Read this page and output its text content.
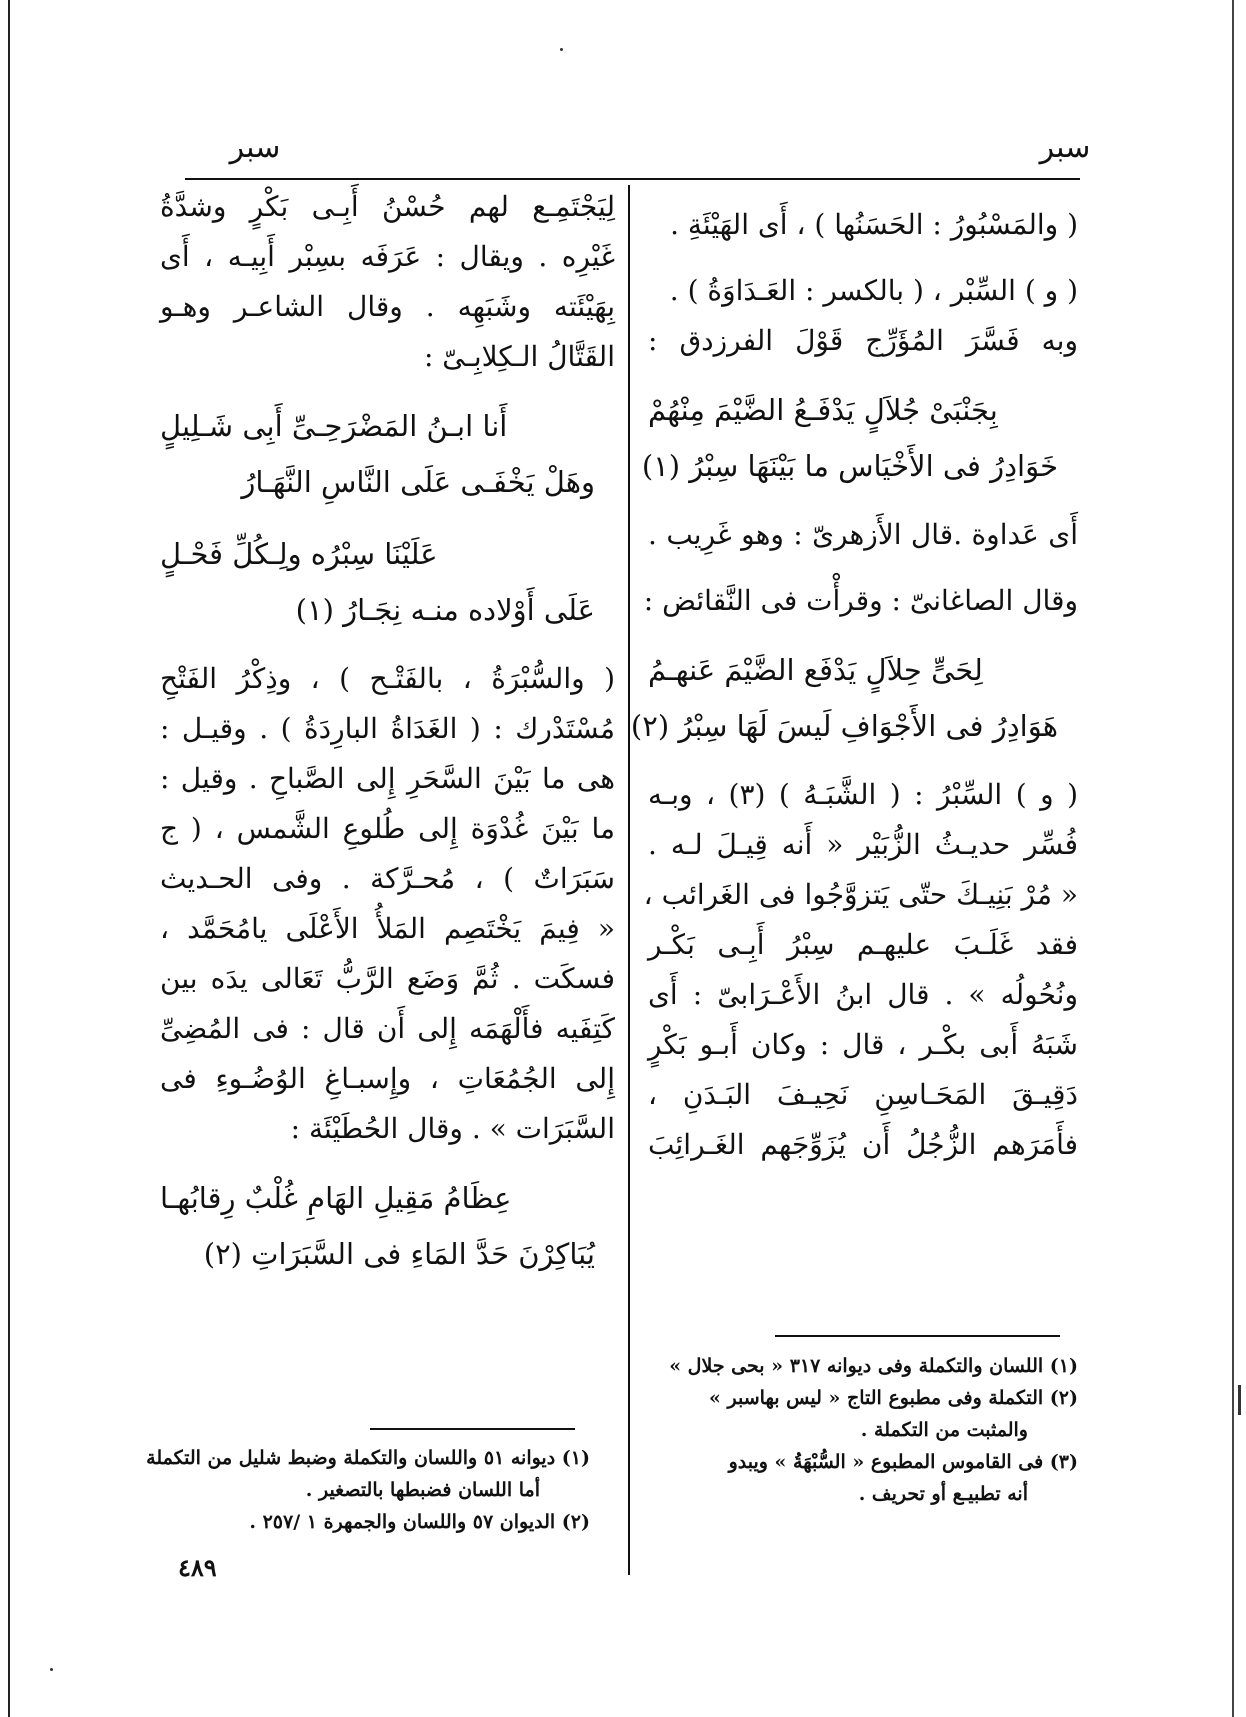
سبر
سبر
( والمَسْبُورُ : الحَسَنُها ) ، أَى الهَيْئَةِ .
( و ) السِّبْر ، ( بالكسر : العَـدَاوَةُ ) .
وبه فَسَّرَ المُؤَرِّج قَوْلَ الفرزدق :
بِجَنْبَىْ جُلاَلٍ يَدْفَـعُ الضَّيْمَ مِنْهُمْ
خَوَادِرُ فى الأَخْيَاس ما بَيْنَهَا سِبْرُ (١)
أَى عَداوة .قال الأَزهرىّ : وهو غَرِيب .
وقال الصاغانىّ : وقرأْت فى النَّقائض :
لِحَىٍّ حِلاَلٍ يَدْفَع الضَّيْمَ عَنهـمُ
هَوَادِرُ فى الأَجْوَافِ لَيسَ لَهَا سِبْرُ (٢)
( و ) السِّبْرُ : ( الشَّبَـهُ ) (٣) ، وبـه
فُسِّر حديـثُ الزُّبَيْر « أَنه قِيـلَ لـه .
« مُرْ بَنِيـكَ حتّى يَتزوَّجُوا فى الغَرائب ،
فقد غَلَـبَ عليهـم سِبْرُ أَبِـى بَكْـر
ونُحُولُه » . قال ابنُ الأَعْـرَابىّ : أَى
شَبَهُ أَبى بكْـر ، قال : وكان أَبـو بَكْرٍ
دَقِيـقَ المَحَـاسِنِ نَحِيـفَ البَـدَنِ ،
فأَمَرَهم الزُّجُلُ أَن يُزَوِّجَهم الغَـرائِبَ
لِيَجْتَمِـع لهم حُسْنُ أَبِـى بَكْرٍ وشدَّةُ
غَيْرِه . ويقال : عَرَفَه بسِبْر أَبِيـه ، أَى
بِهَيْئَته وشَبَهِه . وقال الشاعـر وهـو
القَتَّالُ الـكِلابِـىّ :
أَنا ابـنُ المَضْرَحِـىِّ أَبِى شَـلِيلٍ
وهَلْ يَخْفَـى عَلَى النَّاسِ النَّهَـارُ
عَلَيْنَا سِبْرُه ولِـكُلِّ فَحْـلٍ
عَلَى أَوْلاده منـه نِجَـارُ (١)
( والسُّبْرَةُ ، بالفَتْـح ) ، وذِكْرُ الفَتْحِ
مُسْتَدْرك : ( الغَدَاةُ البارِدَةُ ) . وقيـل :
هى ما بَيْنَ السَّحَرِ إِلى الصَّباحِ . وقيل :
ما بَيْنَ غُدْوَة إِلى طُلوعِ الشَّمس ، ( ج
سَبَرَاتٌ ) ، مُحـرَّكة . وفى الحـديث
« فِيمَ يَخْتَصِم المَلأُ الأَعْلَى يامُحَمَّد ،
فسكَت . ثُمَّ وَضَع الرَّبُّ تَعَالى يدَه بين
كَتِفَيه فأَلْهَمَه إِلى أَن قال : فى المُضِىِّ
إِلى الجُمُعَاتِ ، وإِسبـاغِ الوُضُـوءِ فى
السَّبَرَات » . وقال الحُطَيْئَة :
عِظَامُ مَقِيلِ الهَامِ غُلْبٌ رِقابُهـا
يُبَاكِرْنَ حَدَّ المَاءِ فى السَّبَرَاتِ (٢)
(١) اللسان والتكملة وفى ديوانه ٣١٧ « بحى جلال »
(٢) التكملة وفى مطبوع التاج « ليس بهاسبر »
والمثبت من التكملة .
(٣) فى القاموس المطبوع « السُّبْهَةُ » ويبدو
أنه تطبيـع أو تحريف .
(١) ديوانه ٥١ واللسان والتكملة وضبط شليل من التكملة
أما اللسان فضبطها بالتصغير .
(٢) الديوان ٥٧ واللسان والجمهرة ١ /٢٥٧ .
٤٨٩
